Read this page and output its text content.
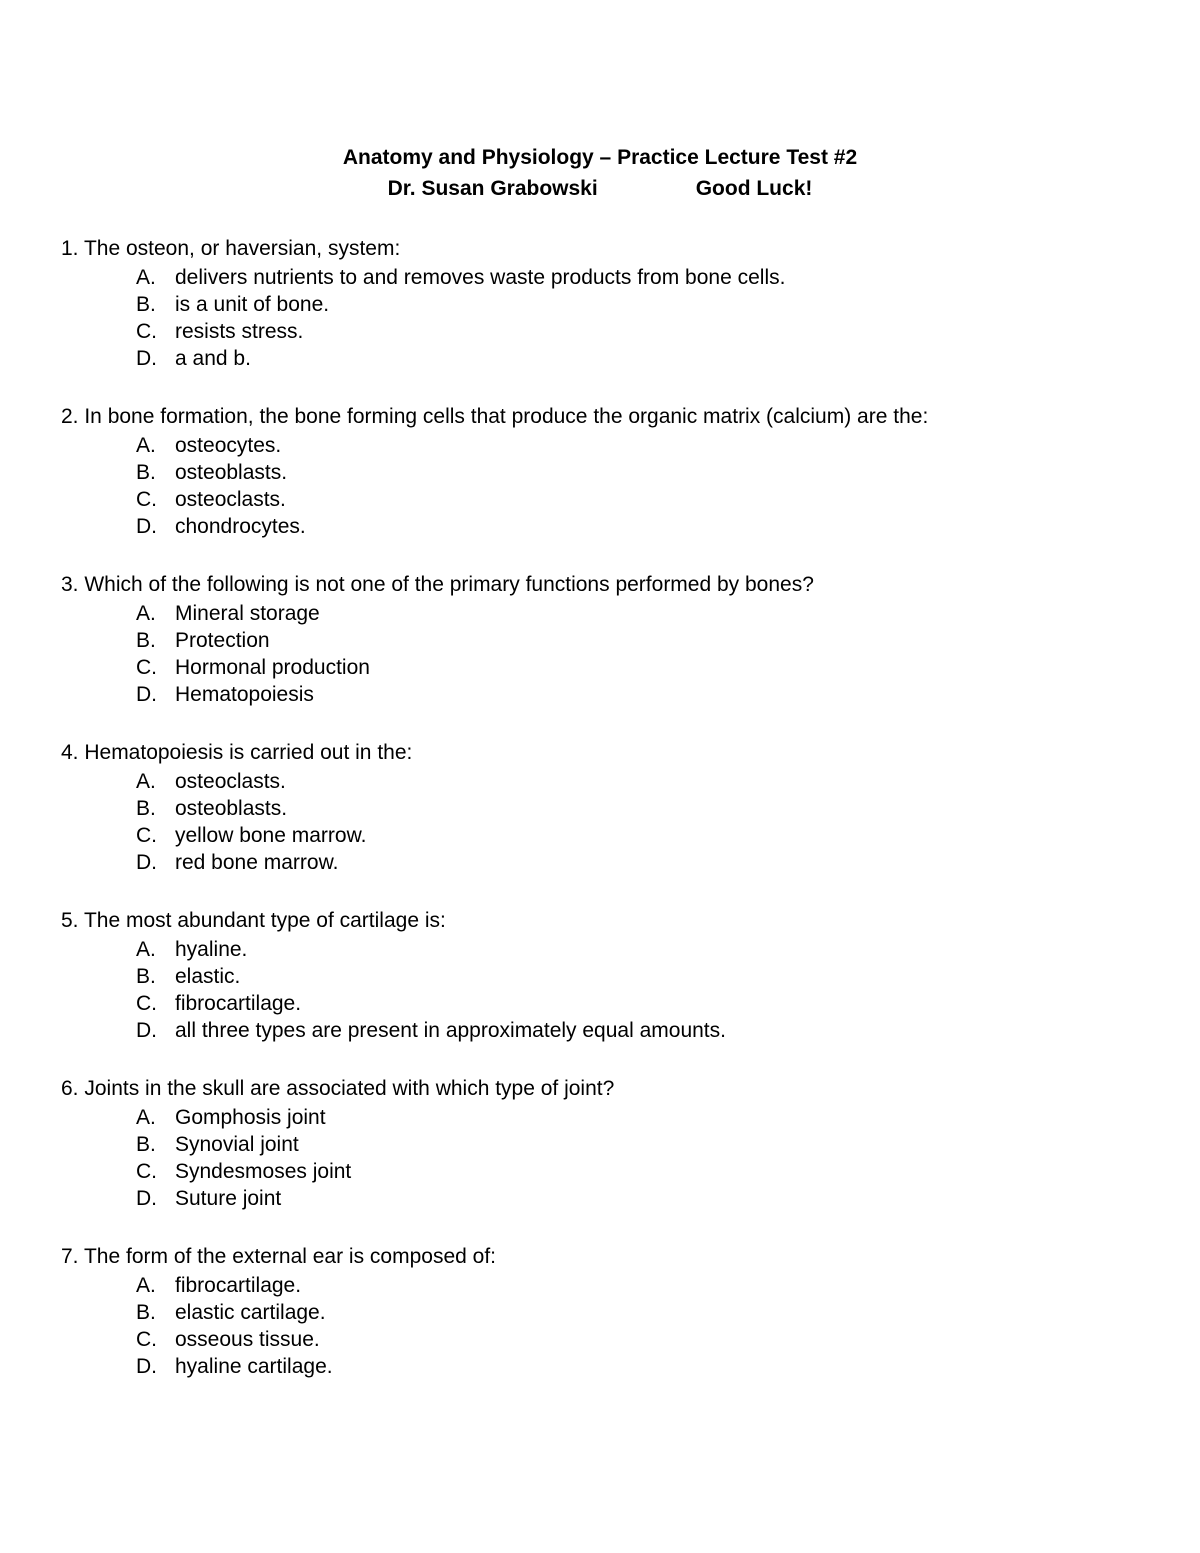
Anatomy and Physiology – Practice Lecture Test #2
Dr. Susan Grabowski	Good Luck!
1. The osteon, or haversian, system:
A. delivers nutrients to and removes waste products from bone cells.
B. is a unit of bone.
C. resists stress.
D. a and b.
2. In bone formation, the bone forming cells that produce the organic matrix (calcium) are the:
A. osteocytes.
B. osteoblasts.
C. osteoclasts.
D. chondrocytes.
3. Which of the following is not one of the primary functions performed by bones?
A. Mineral storage
B. Protection
C. Hormonal production
D. Hematopoiesis
4. Hematopoiesis is carried out in the:
A. osteoclasts.
B. osteoblasts.
C. yellow bone marrow.
D. red bone marrow.
5. The most abundant type of cartilage is:
A. hyaline.
B. elastic.
C. fibrocartilage.
D. all three types are present in approximately equal amounts.
6. Joints in the skull are associated with which type of joint?
A. Gomphosis joint
B. Synovial joint
C. Syndesmoses joint
D. Suture joint
7. The form of the external ear is composed of:
A. fibrocartilage.
B. elastic cartilage.
C. osseous tissue.
D. hyaline cartilage.
